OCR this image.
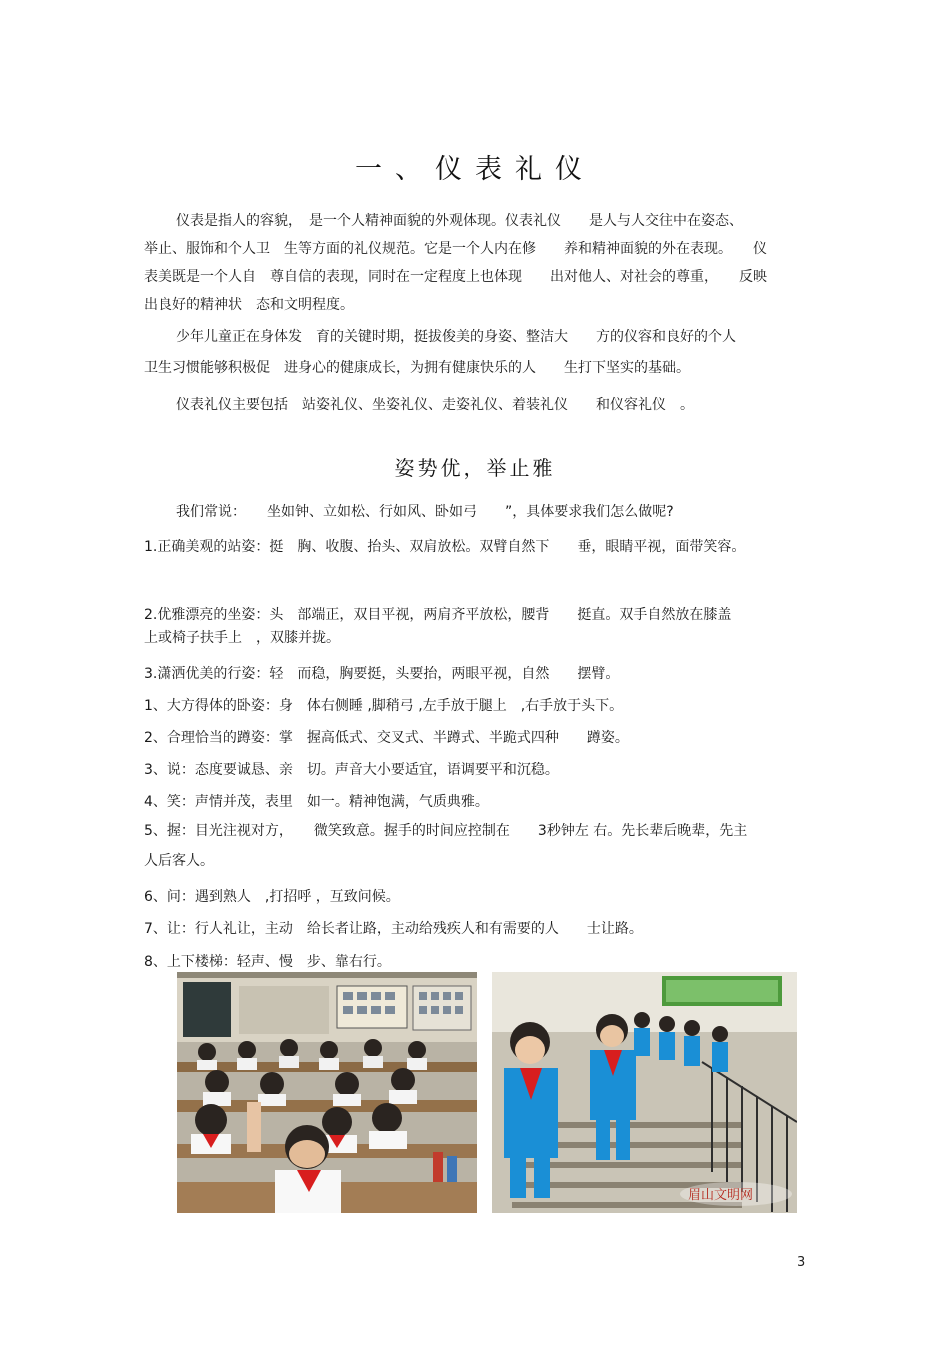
一、仪表礼仪
仪表是指人的容貌，　是一个人精神面貌的外观体现。仪表礼仪　　是人与人交往中在姿态、
举止、服饰和个人卫　生等方面的礼仪规范。它是一个人内在修　　养和精神面貌的外在表现。　　仪
表美既是一个人自　尊自信的表现，同时在一定程度上也体现　　出对他人、对社会的尊重，　　反映
出良好的精神状　态和文明程度。
少年儿童正在身体发　育的关键时期，挺拔俊美的身姿、整洁大　　方的仪容和良好的个人
卫生习惯能够积极促　进身心的健康成长，为拥有健康快乐的人　　生打下坚实的基础。
仪表礼仪主要包括　站姿礼仪、坐姿礼仪、走姿礼仪、着装礼仪　　和仪容礼仪　。
姿势优，举止雅
我们常说：　　坐如钟、立如松、行如风、卧如弓　　”，具体要求我们怎么做呢?
1.正确美观的站姿：挺　胸、收腹、抬头、双肩放松。双臂自然下　　垂，眼睛平视，面带笑容。
2.优雅漂亮的坐姿：头　部端正，双目平视，两肩齐平放松，腰背　　挺直。双手自然放在膝盖
上或椅子扶手上　，双膝并拢。
3.潇洒优美的行姿：轻　而稳，胸要挺，头要抬，两眼平视，自然　　摆臂。
1、大方得体的卧姿：身　体右侧睡 ,脚稍弓 ,左手放于腿上　,右手放于头下。
2、合理恰当的蹲姿：掌　握高低式、交叉式、半蹲式、半跪式四种　　蹲姿。
3、说：态度要诚恳、亲　切。声音大小要适宜，语调要平和沉稳。
4、笑：声情并茂，表里　如一。精神饱满，气质典雅。
5、握：目光注视对方，　　微笑致意。握手的时间应控制在　　3秒钟左 右。先长辈后晚辈，先主
人后客人。
6、问：遇到熟人　,打招呼 ，互致问候。
7、让：行人礼让，主动　给长者让路，主动给残疾人和有需要的人　　士让路。
8、上下楼梯：轻声、慢　步、靠右行。
眉山文明网
3
